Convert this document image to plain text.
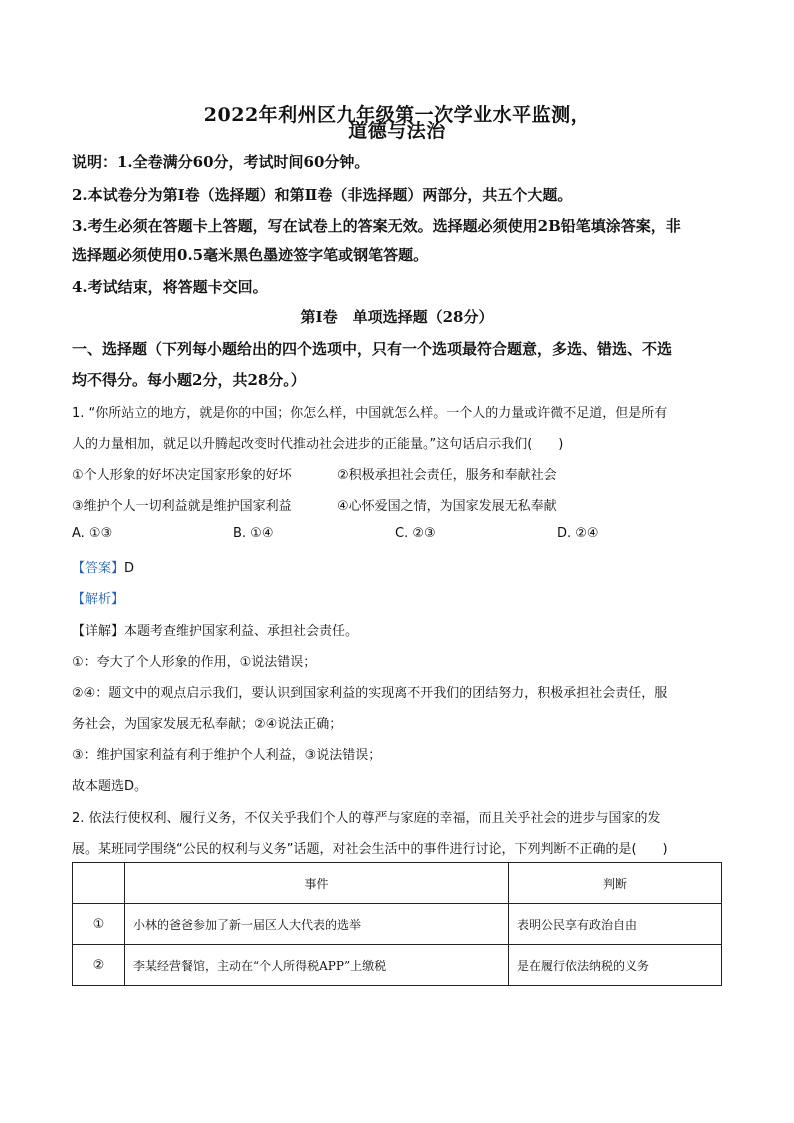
2022年利州区九年级第一次学业水平监测，
道德与法治
说明：1.全卷满分60分，考试时间60分钟。
2.本试卷分为第Ⅰ卷（选择题）和第Ⅱ卷（非选择题）两部分，共五个大题。
3.考生必须在答题卡上答题，写在试卷上的答案无效。选择题必须使用2B铅笔填涂答案，非
选择题必须使用0.5毫米黑色墨迹签字笔或钢笔答题。
4.考试结束，将答题卡交回。
第Ⅰ卷　单项选择题（28分）
一、选择题（下列每小题给出的四个选项中，只有一个选项最符合题意，多选、错选、不选
均不得分。每小题2分，共28分。）
1. “你所站立的地方，就是你的中国；你怎么样，中国就怎么样。一个人的力量或许微不足道，但是所有
人的力量相加，就足以升腾起改变时代推动社会进步的正能量。”这句话启示我们(　　)
①个人形象的好坏决定国家形象的好坏	②积极承担社会责任，服务和奉献社会
③维护个人一切利益就是维护国家利益	④心怀爱国之情，为国家发展无私奉献
A. ①③	B. ①④	C. ②③	D. ②④
【答案】D
【解析】
【详解】本题考查维护国家利益、承担社会责任。
①：夸大了个人形象的作用，①说法错误；
②④：题文中的观点启示我们，要认识到国家利益的实现离不开我们的团结努力，积极承担社会责任，服
务社会，为国家发展无私奉献；②④说法正确；
③：维护国家利益有利于维护个人利益，③说法错误；
故本题选D。
2. 依法行使权利、履行义务，不仅关乎我们个人的尊严与家庭的幸福，而且关乎社会的进步与国家的发
展。某班同学围绕“公民的权利与义务”话题，对社会生活中的事件进行讨论，下列判断不正确的是(　　)
	事件	判断
①	小林的爸爸参加了新一届区人大代表的选举	表明公民享有政治自由
②	李某经营餐馆，主动在“个人所得税APP”上缴税	是在履行依法纳税的义务
